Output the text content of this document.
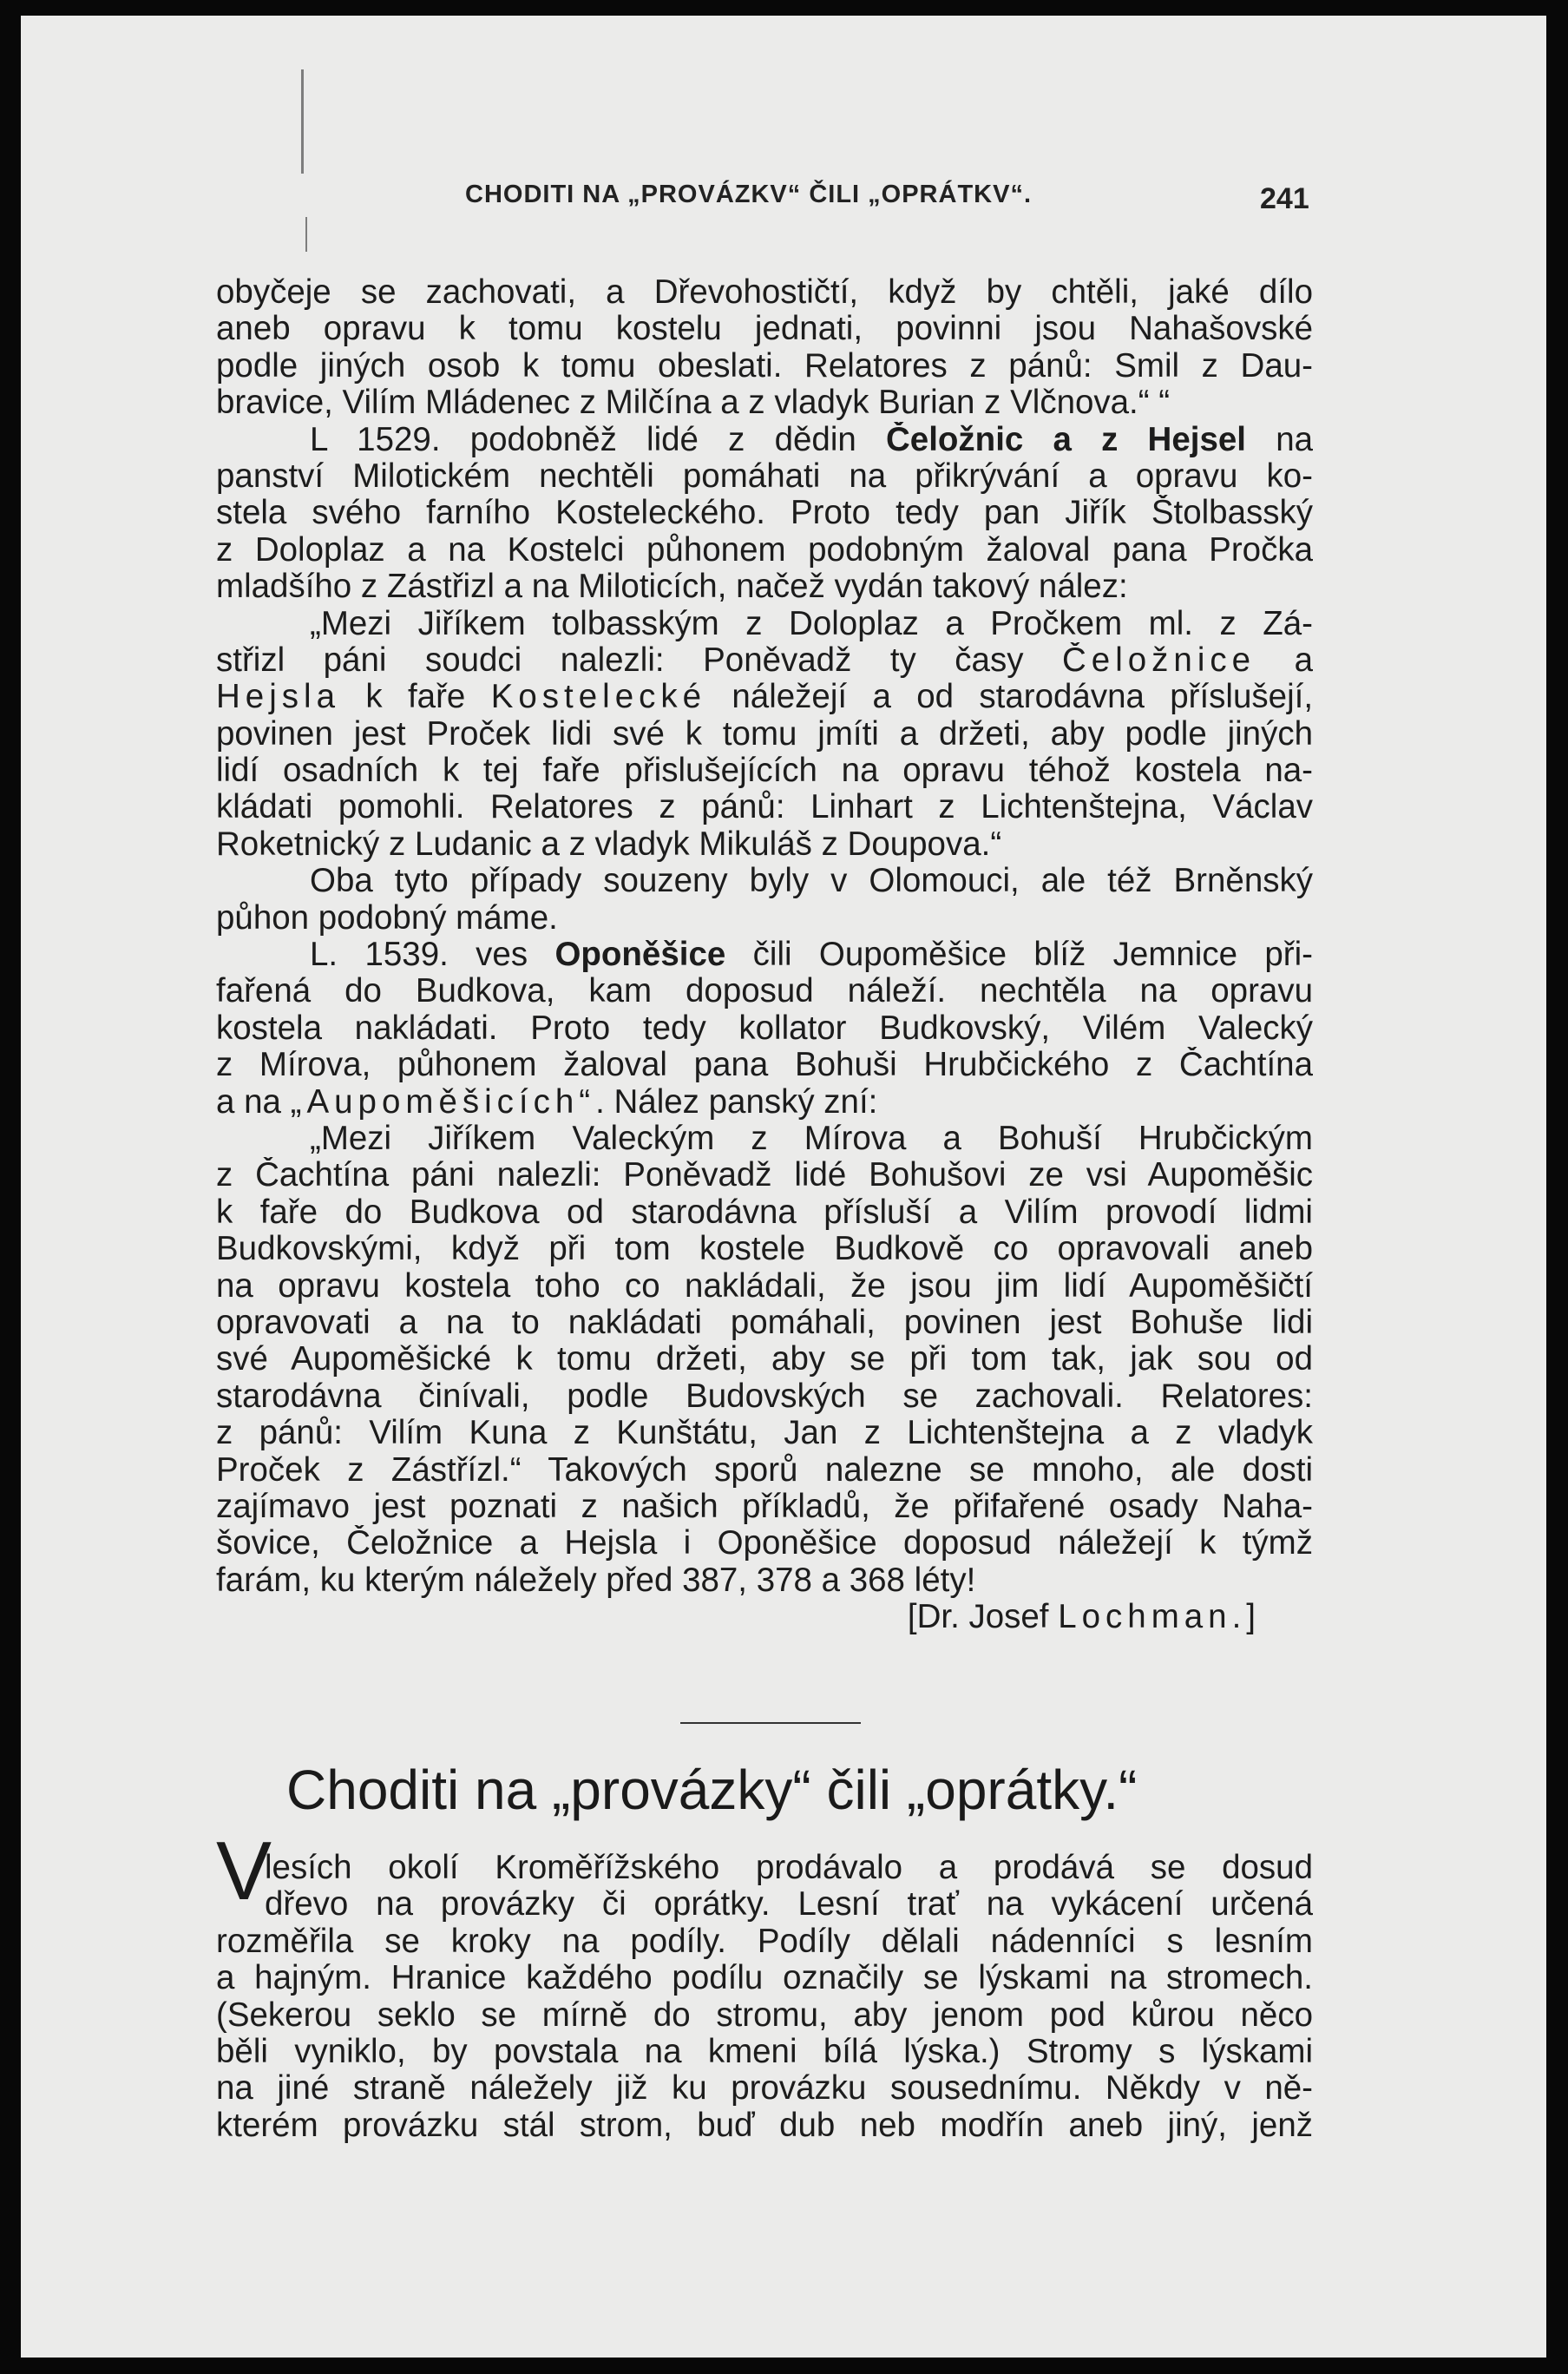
CHODITI NA „PROVÁZKV“ ČILI „OPRÁTKV“.	241
obyčeje se zachovati, a Dřevohostičtí, když by chtěli, jaké dílo
aneb opravu k tomu kostelu jednati, povinni jsou Nahašovské
podle jiných osob k tomu obeslati. Relatores z pánů: Smil z Dau-
bravice, Vilím Mládenec z Milčína a z vladyk Burian z Vlčnova.“ “
L 1529. podobněž lidé z dědin Čeložnic a z Hejsel na
panství Milotickém nechtěli pomáhati na přikrývání a opravu ko-
stela svého farního Kosteleckého. Proto tedy pan Jiřík Štolbasský
z Doloplaz a na Kostelci půhonem podobným žaloval pana Pročka
mladšího z Zástřizl a na Miloticích, načež vydán takový nález:
„Mezi Jiříkem tolbasským z Doloplaz a Pročkem ml. z Zá-
střizl páni soudci nalezli: Poněvadž ty časy Čeložnice a
Hejsla k faře Kostelecké náležejí a od starodávna příslušejí,
povinen jest Proček lidi své k tomu jmíti a držeti, aby podle jiných
lidí osadních k tej faře přislušejících na opravu téhož kostela na-
kládati pomohli. Relatores z pánů: Linhart z Lichtenštejna, Václav
Roketnický z Ludanic a z vladyk Mikuláš z Doupova.“
Oba tyto případy souzeny byly v Olomouci, ale též Brněnský
půhon podobný máme.
L. 1539. ves Oponěšice čili Oupoměšice blíž Jemnice při-
fařená do Budkova, kam doposud náleží. nechtěla na opravu
kostela nakládati. Proto tedy kollator Budkovský, Vilém Valecký
z Mírova, půhonem žaloval pana Bohuši Hrubčického z Čachtína
a na „Aupoměšicích“. Nález panský zní:
„Mezi Jiříkem Valeckým z Mírova a Bohuší Hrubčickým
z Čachtína páni nalezli: Poněvadž lidé Bohušovi ze vsi Aupoměšic
k faře do Budkova od starodávna přísluší a Vilím provodí lidmi
Budkovskými, když při tom kostele Budkově co opravovali aneb
na opravu kostela toho co nakládali, že jsou jim lidí Aupoměšičtí
opravovati a na to nakládati pomáhali, povinen jest Bohuše lidi
své Aupoměšické k tomu držeti, aby se při tom tak, jak sou od
starodávna činívali, podle Budovských se zachovali. Relatores:
z pánů: Vilím Kuna z Kunštátu, Jan z Lichtenštejna a z vladyk
Proček z Zástřízl.“ Takových sporů nalezne se mnoho, ale dosti
zajímavo jest poznati z našich příkladů, že přifařené osady Naha-
šovice, Čeložnice a Hejsla i Oponěšice doposud náležejí k týmž
farám, ku kterým náležely před 387, 378 a 368 léty!
[Dr. Josef Lochman.]
Choditi na „provázky“ čili „oprátky.“
V
lesích okolí Kroměřížského prodávalo a prodává se dosud
dřevo na provázky či oprátky. Lesní trať na vykácení určená
rozměřila se kroky na podíly. Podíly dělali nádenníci s lesním
a hajným. Hranice každého podílu označily se lýskami na stromech.
(Sekerou seklo se mírně do stromu, aby jenom pod kůrou něco
běli vyniklo, by povstala na kmeni bílá lýska.) Stromy s lýskami
na jiné straně náležely již ku provázku sousednímu. Někdy v ně-
kterém provázku stál strom, buď dub neb modřín aneb jiný, jenž
